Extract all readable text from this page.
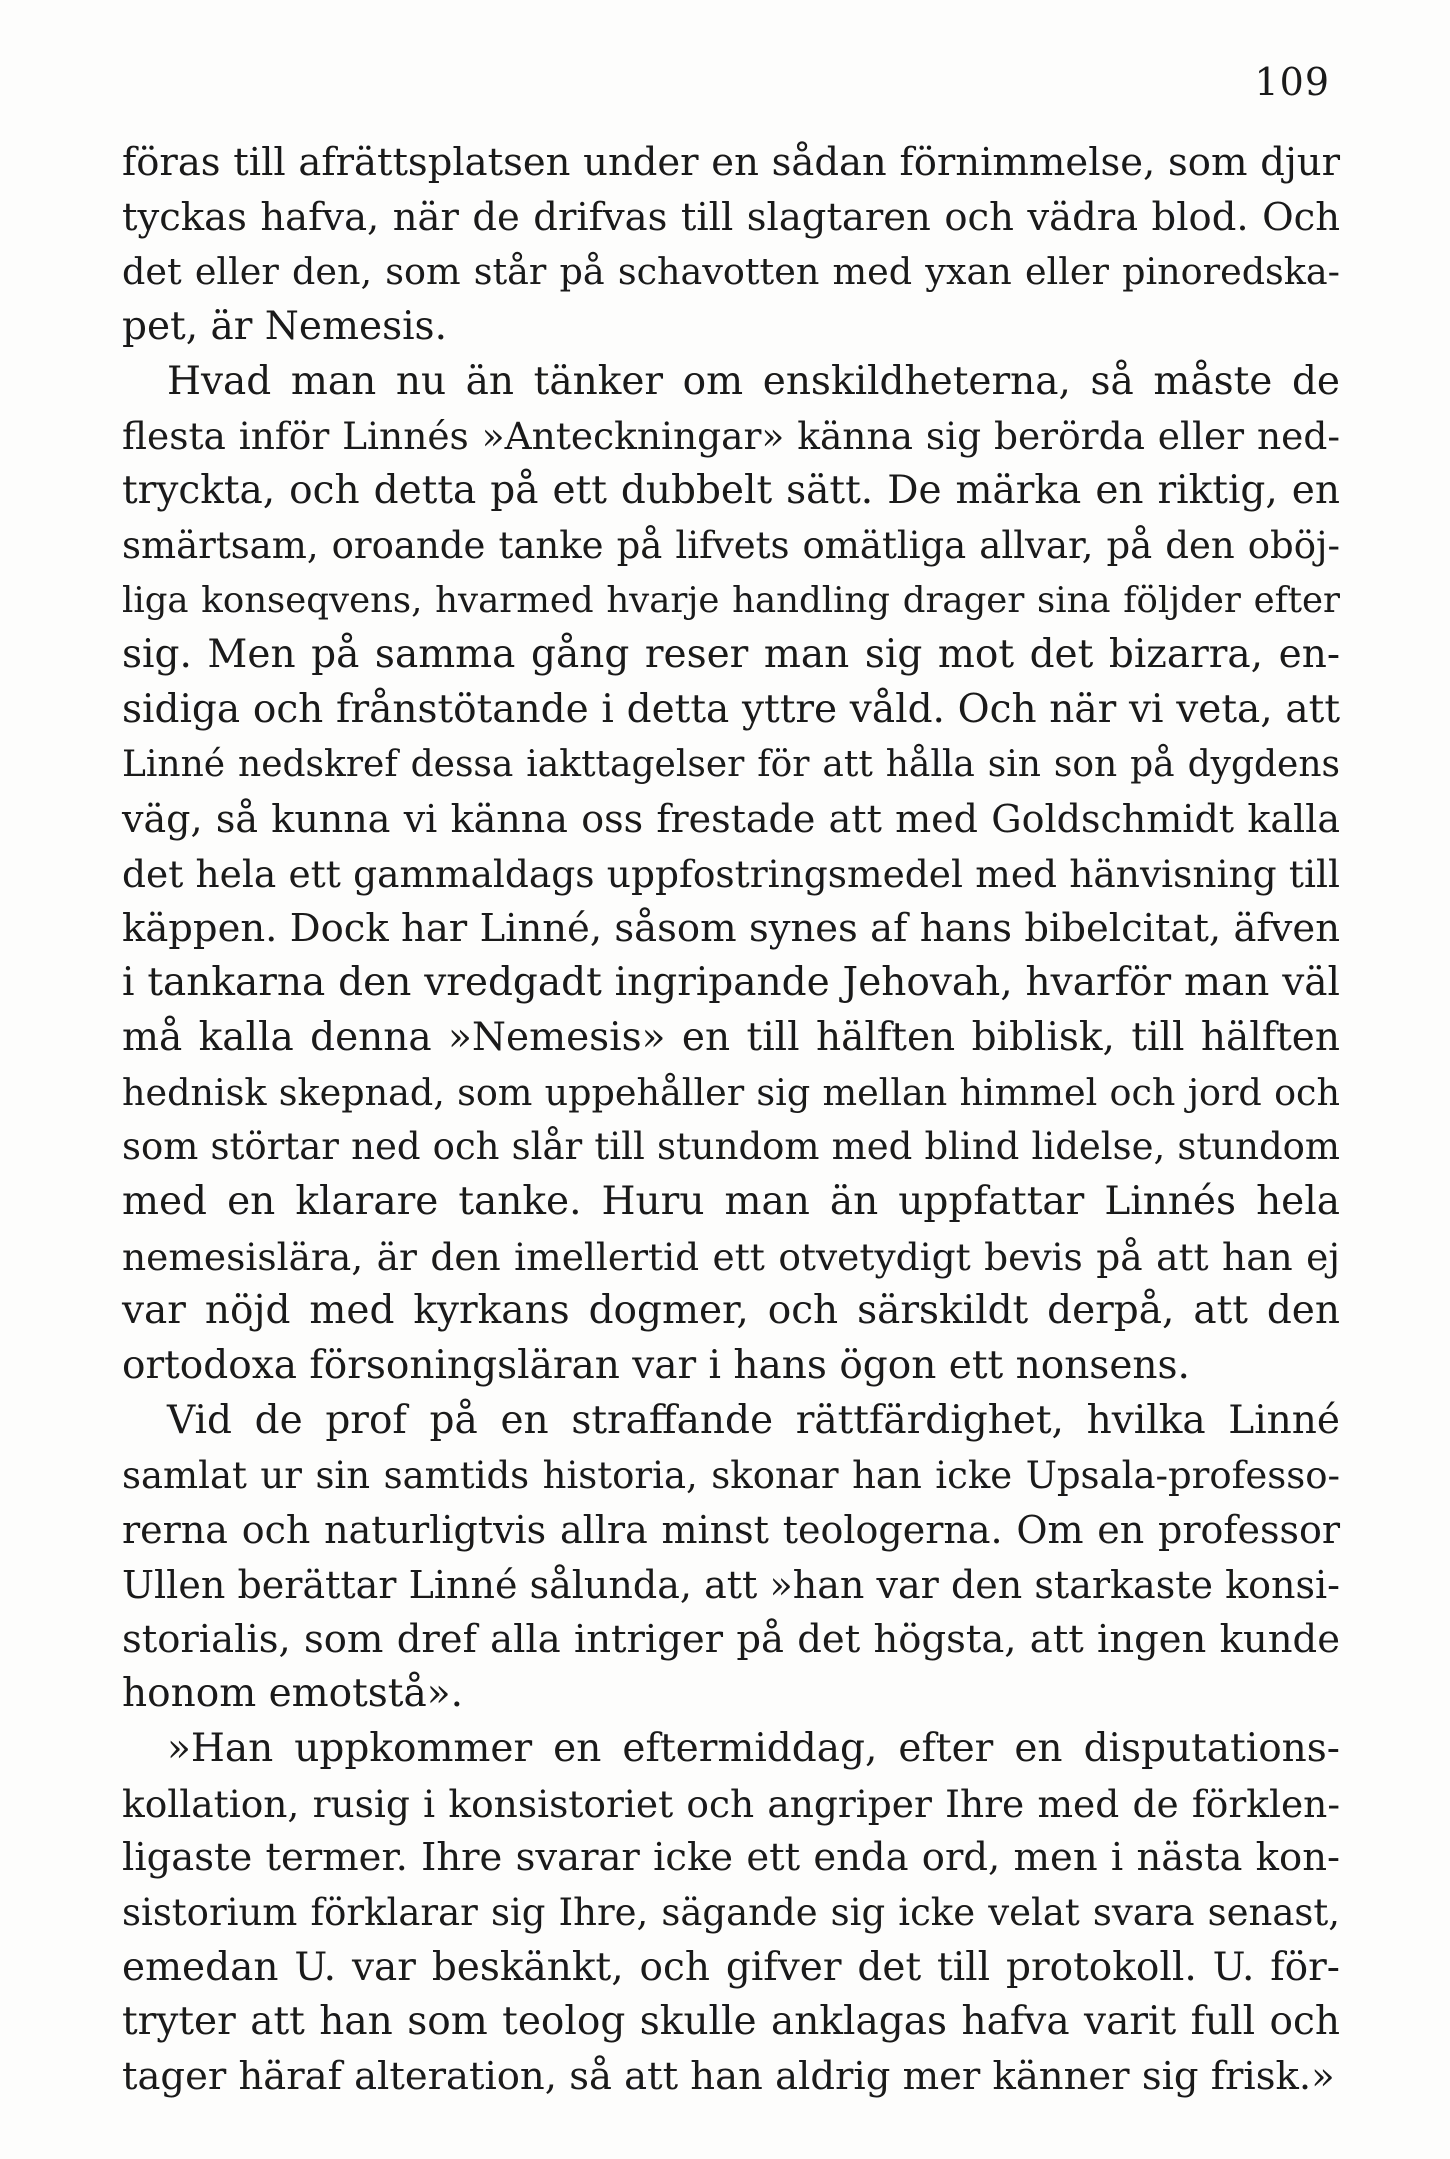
109
föras till afrättsplatsen under en sådan förnimmelse, som djur
tyckas hafva, när de drifvas till slagtaren och vädra blod. Och
det eller den, som står på schavotten med yxan eller pinoredska-
pet, är Nemesis.
Hvad man nu än tänker om enskildheterna, så måste de
flesta inför Linnés »Anteckningar» känna sig berörda eller ned-
tryckta, och detta på ett dubbelt sätt. De märka en riktig, en
smärtsam, oroande tanke på lifvets omätliga allvar, på den oböj-
liga konseqvens, hvarmed hvarje handling drager sina följder efter
sig. Men på samma gång reser man sig mot det bizarra, en-
sidiga och frånstötande i detta yttre våld. Och när vi veta, att
Linné nedskref dessa iakttagelser för att hålla sin son på dygdens
väg, så kunna vi känna oss frestade att med Goldschmidt kalla
det hela ett gammaldags uppfostringsmedel med hänvisning till
käppen. Dock har Linné, såsom synes af hans bibelcitat, äfven
i tankarna den vredgadt ingripande Jehovah, hvarför man väl
må kalla denna »Nemesis» en till hälften biblisk, till hälften
hednisk skepnad, som uppehåller sig mellan himmel och jord och
som störtar ned och slår till stundom med blind lidelse, stundom
med en klarare tanke. Huru man än uppfattar Linnés hela
nemesislära, är den imellertid ett otvetydigt bevis på att han ej
var nöjd med kyrkans dogmer, och särskildt derpå, att den
ortodoxa försoningsläran var i hans ögon ett nonsens.
Vid de prof på en straffande rättfärdighet, hvilka Linné
samlat ur sin samtids historia, skonar han icke Upsala-professo-
rerna och naturligtvis allra minst teologerna. Om en professor
Ullen berättar Linné sålunda, att »han var den starkaste konsi-
storialis, som dref alla intriger på det högsta, att ingen kunde
honom emotstå».
»Han uppkommer en eftermiddag, efter en disputations-
kollation, rusig i konsistoriet och angriper Ihre med de förklen-
ligaste termer. Ihre svarar icke ett enda ord, men i nästa kon-
sistorium förklarar sig Ihre, sägande sig icke velat svara senast,
emedan U. var beskänkt, och gifver det till protokoll. U. för-
tryter att han som teolog skulle anklagas hafva varit full och
tager häraf alteration, så att han aldrig mer känner sig frisk.»
